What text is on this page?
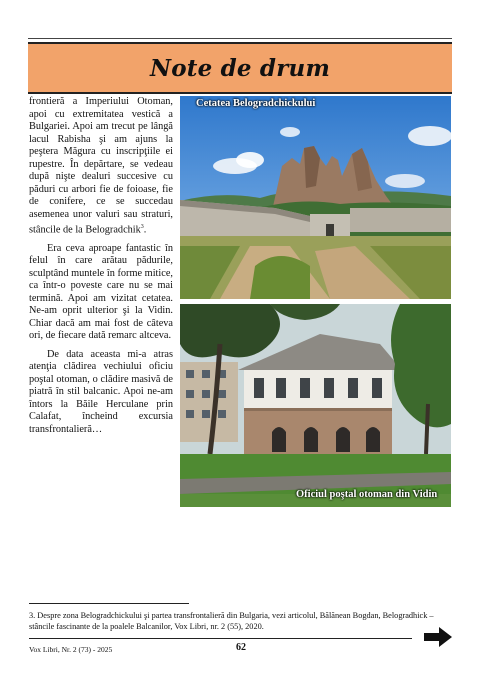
Note de drum

frontieră a Imperiului Otoman, apoi cu extremitatea vestică a Bulgariei. Apoi am trecut pe lângă lacul Rabisha şi am ajuns la peştera Măgura cu inscripţiile ei rupestre. În depărtare, se vedeau după nişte dealuri succesive cu păduri cu arbori fie de foioase, fie de conifere, ce se succedau asemenea unor valuri sau straturi, stâncile de la Belogradchik$^3$.

Era ceva aproape fantastic în felul în care arătau pădurile, sculptând muntele în forme mitice, ca într-o poveste care nu se mai termină. Apoi am vizitat cetatea. Ne-am oprit ulterior şi la Vidin. Chiar dacă am mai fost de câteva ori, de fiecare dată remarc altceva.

De data aceasta mi-a atras atenţia clădirea vechiului oficiu poştal otoman, o clădire masivă de piatră în stil balcanic. Apoi ne-am întors la Băile Herculane prin Calafat, încheind excursia transfrontalieră…

Cetatea Belogradchickului
Oficiul poştal otoman din Vidin

3. Despre zona Belogradchickului şi partea transfrontalieră din Bulgaria, vezi articolul, Bălănean Bogdan, Belogradhick – stâncile fascinante de la poalele Balcanilor, Vox Libri, nr. 2 (55), 2020.

Vox Libri, Nr. 2 (73) - 2025	62
